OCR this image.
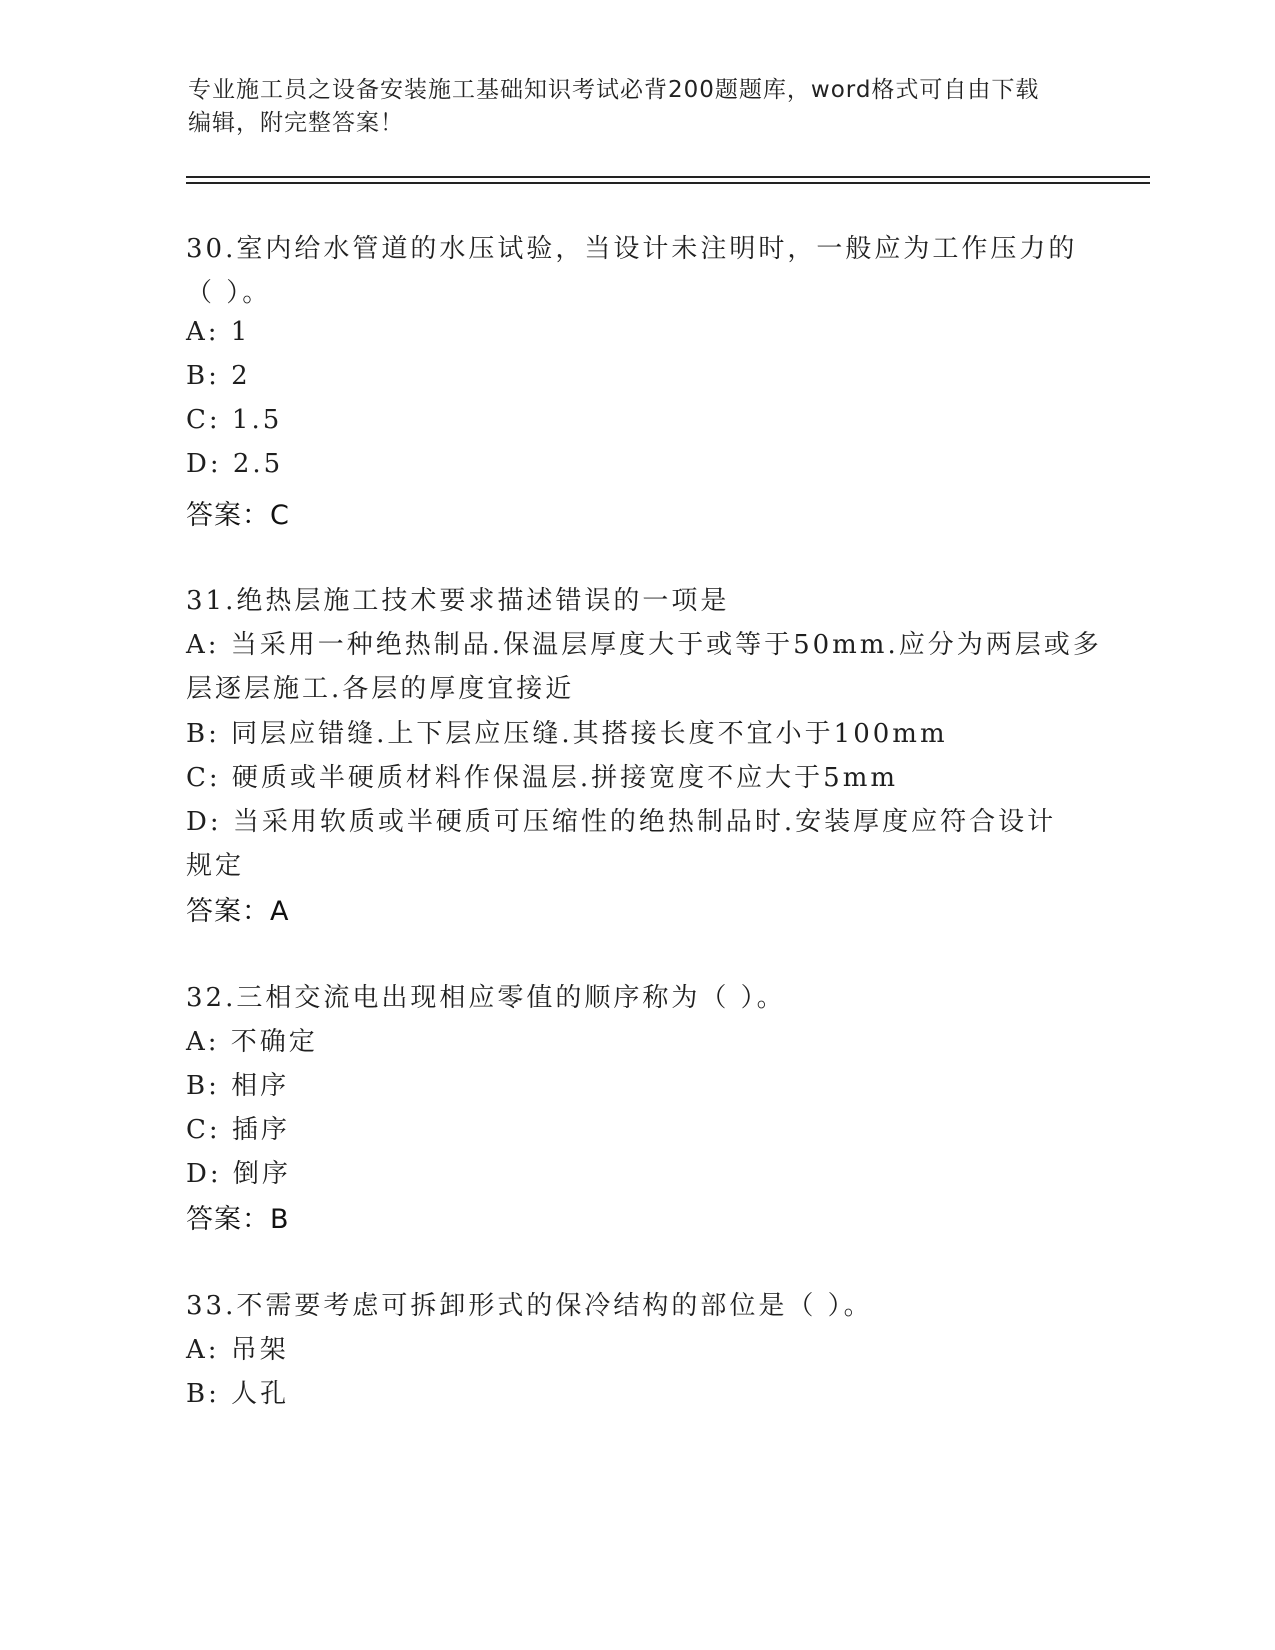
专业施工员之设备安装施工基础知识考试必背200题题库，word格式可自由下载
编辑，附完整答案！
30.室内给水管道的水压试验，当设计未注明时，一般应为工作压力的
（ ）。
A: 1
B: 2
C: 1.5
D: 2.5
答案：C
31.绝热层施工技术要求描述错误的一项是
A: 当采用一种绝热制品.保温层厚度大于或等于50mm.应分为两层或多
层逐层施工.各层的厚度宜接近
B: 同层应错缝.上下层应压缝.其搭接长度不宜小于100mm
C: 硬质或半硬质材料作保温层.拼接宽度不应大于5mm
D: 当采用软质或半硬质可压缩性的绝热制品时.安装厚度应符合设计
规定
答案：A
32.三相交流电出现相应零值的顺序称为（ ）。
A: 不确定
B: 相序
C: 插序
D: 倒序
答案：B
33.不需要考虑可拆卸形式的保冷结构的部位是（ ）。
A: 吊架
B: 人孔
